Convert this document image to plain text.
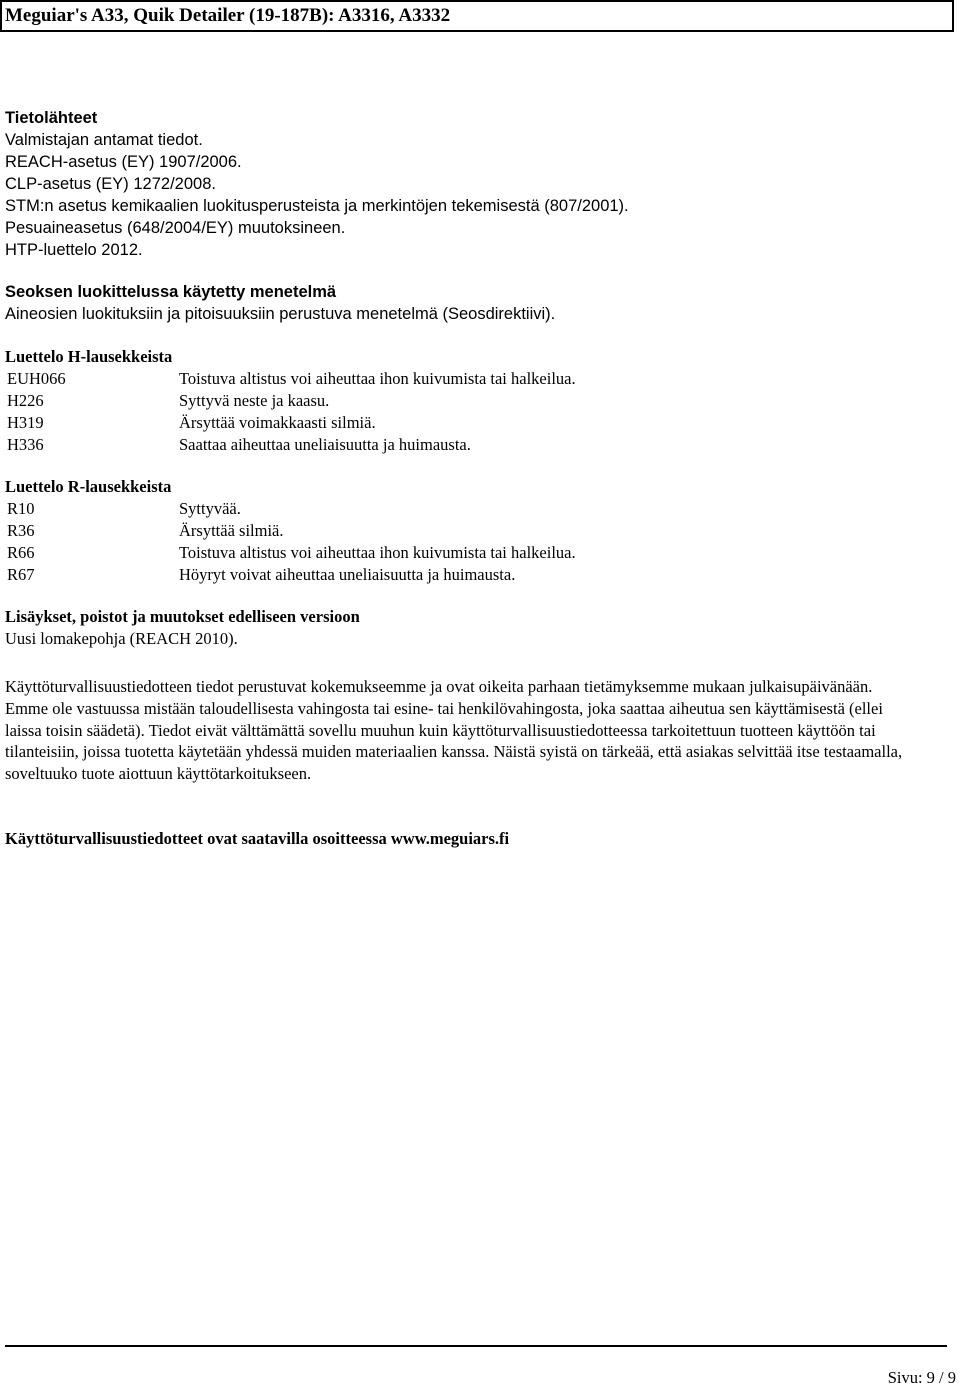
Meguiar's A33, Quik Detailer (19-187B): A3316, A3332
Tietolähteet
Valmistajan antamat tiedot.
REACH-asetus (EY) 1907/2006.
CLP-asetus (EY) 1272/2008.
STM:n asetus kemikaalien luokitusperusteista ja merkintöjen tekemisestä (807/2001).
Pesuaineasetus (648/2004/EY) muutoksineen.
HTP-luettelo 2012.
Seoksen luokittelussa käytetty menetelmä
Aineosien luokituksiin ja pitoisuuksiin perustuva menetelmä (Seosdirektiivi).
Luettelo H-lausekkeista
EUH066	Toistuva altistus voi aiheuttaa ihon kuivumista tai halkeilua.
H226	Syttyvä neste ja kaasu.
H319	Ärsyttää voimakkaasti silmiä.
H336	Saattaa aiheuttaa uneliaisuutta ja huimausta.
Luettelo R-lausekkeista
R10	Syttyvää.
R36	Ärsyttää silmiä.
R66	Toistuva altistus voi aiheuttaa ihon kuivumista tai halkeilua.
R67	Höyryt voivat aiheuttaa uneliaisuutta ja huimausta.
Lisäykset, poistot ja muutokset edelliseen versioon
Uusi lomakepohja (REACH 2010).
Käyttöturvallisuustiedotteen tiedot perustuvat kokemukseemme ja ovat oikeita parhaan tietämyksemme mukaan julkaisupäivänään. Emme ole vastuussa mistään taloudellisesta vahingosta tai esine- tai henkilövahingosta, joka saattaa aiheutua sen käyttämisestä (ellei laissa toisin säädetä). Tiedot eivät välttämättä sovellu muuhun kuin käyttöturvallisuustiedotteessa tarkoitettuun tuotteen käyttöön tai tilanteisiin, joissa tuotetta käytetään yhdessä muiden materiaalien kanssa. Näistä syistä on tärkeää, että asiakas selvittää itse testaamalla, soveltuuko tuote aiottuun käyttötarkoitukseen.
Käyttöturvallisuustiedotteet ovat saatavilla osoitteessa www.meguiars.fi
Sivu: 9 / 9
